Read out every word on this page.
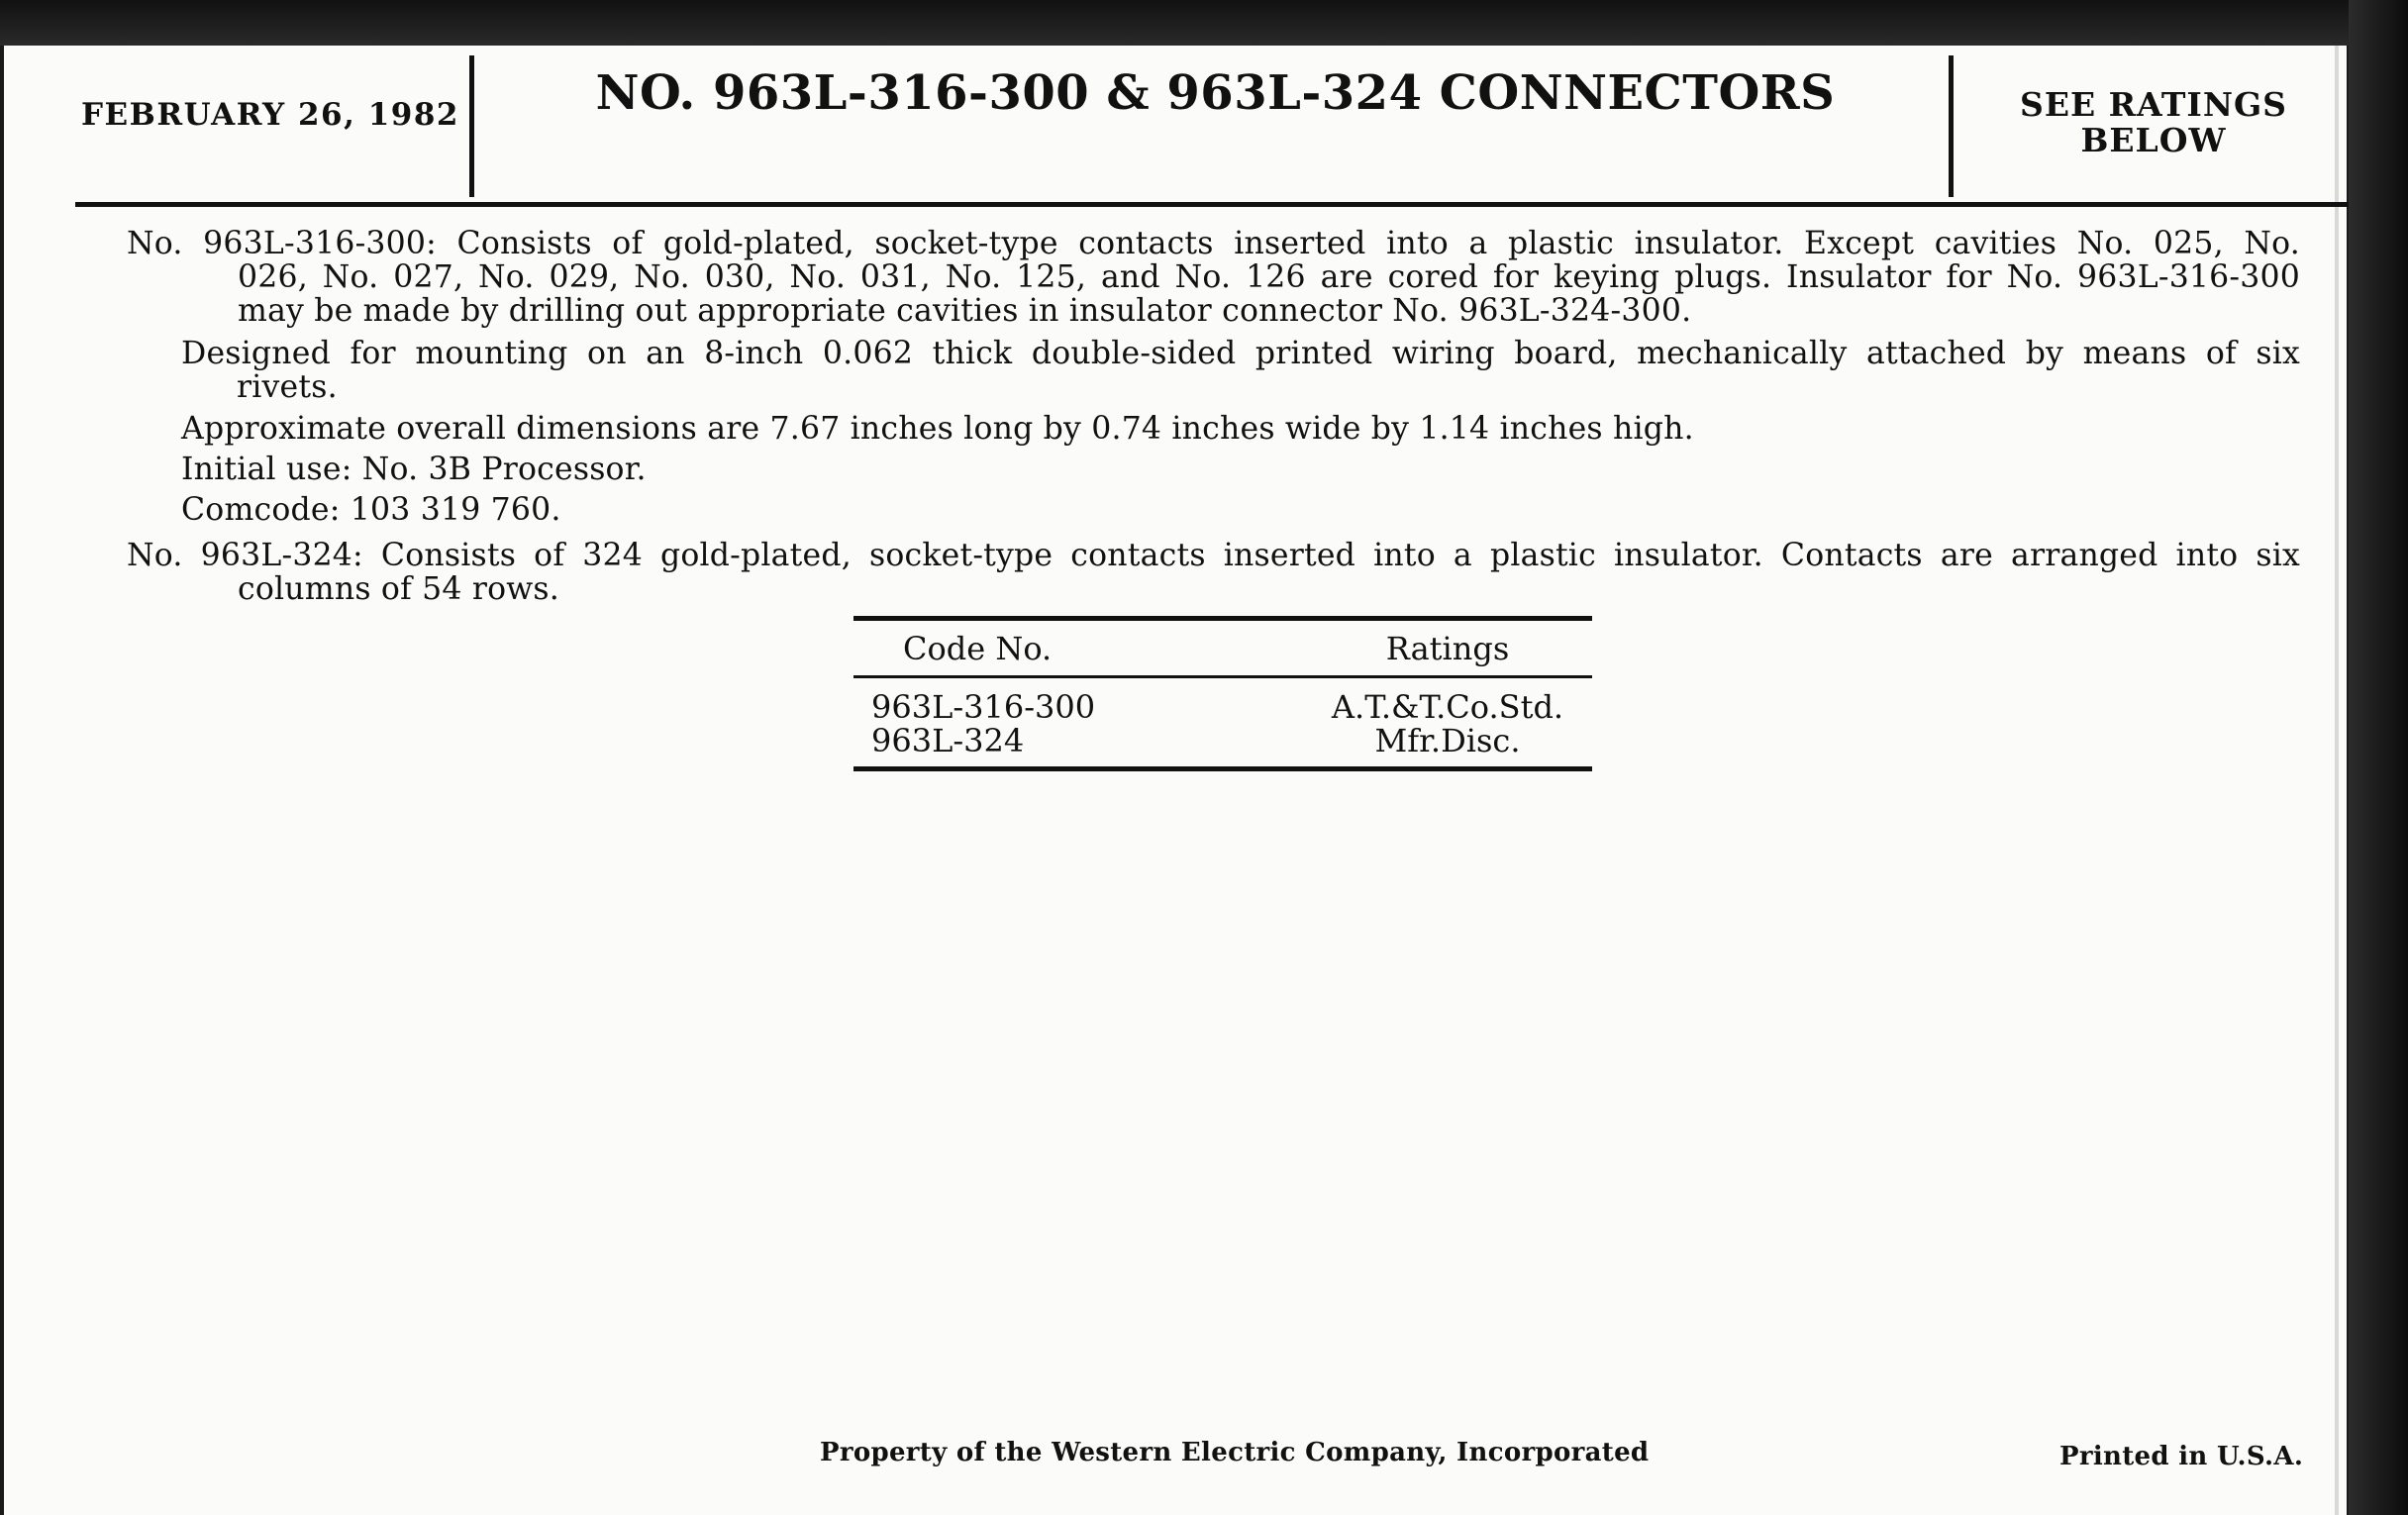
FEBRUARY 26, 1982	NO. 963L-316-300 & 963L-324 CONNECTORS	SEE RATINGS
BELOW
No. 963L-316-300: Consists of gold-plated, socket-type contacts inserted into a plastic insulator. Except cavities No. 025, No.
026, No. 027, No. 029, No. 030, No. 031, No. 125, and No. 126 are cored for keying plugs. Insulator for No. 963L-316-300
may be made by drilling out appropriate cavities in insulator connector No. 963L-324-300.
Designed for mounting on an 8-inch 0.062 thick double-sided printed wiring board, mechanically attached by means of six
rivets.
Approximate overall dimensions are 7.67 inches long by 0.74 inches wide by 1.14 inches high.
Initial use: No. 3B Processor.
Comcode: 103 319 760.
No. 963L-324: Consists of 324 gold-plated, socket-type contacts inserted into a plastic insulator. Contacts are arranged into six
columns of 54 rows.
Code No.	Ratings
963L-316-300	A.T.&T.Co.Std.
963L-324	Mfr.Disc.
Property of the Western Electric Company, Incorporated	Printed in U.S.A.
